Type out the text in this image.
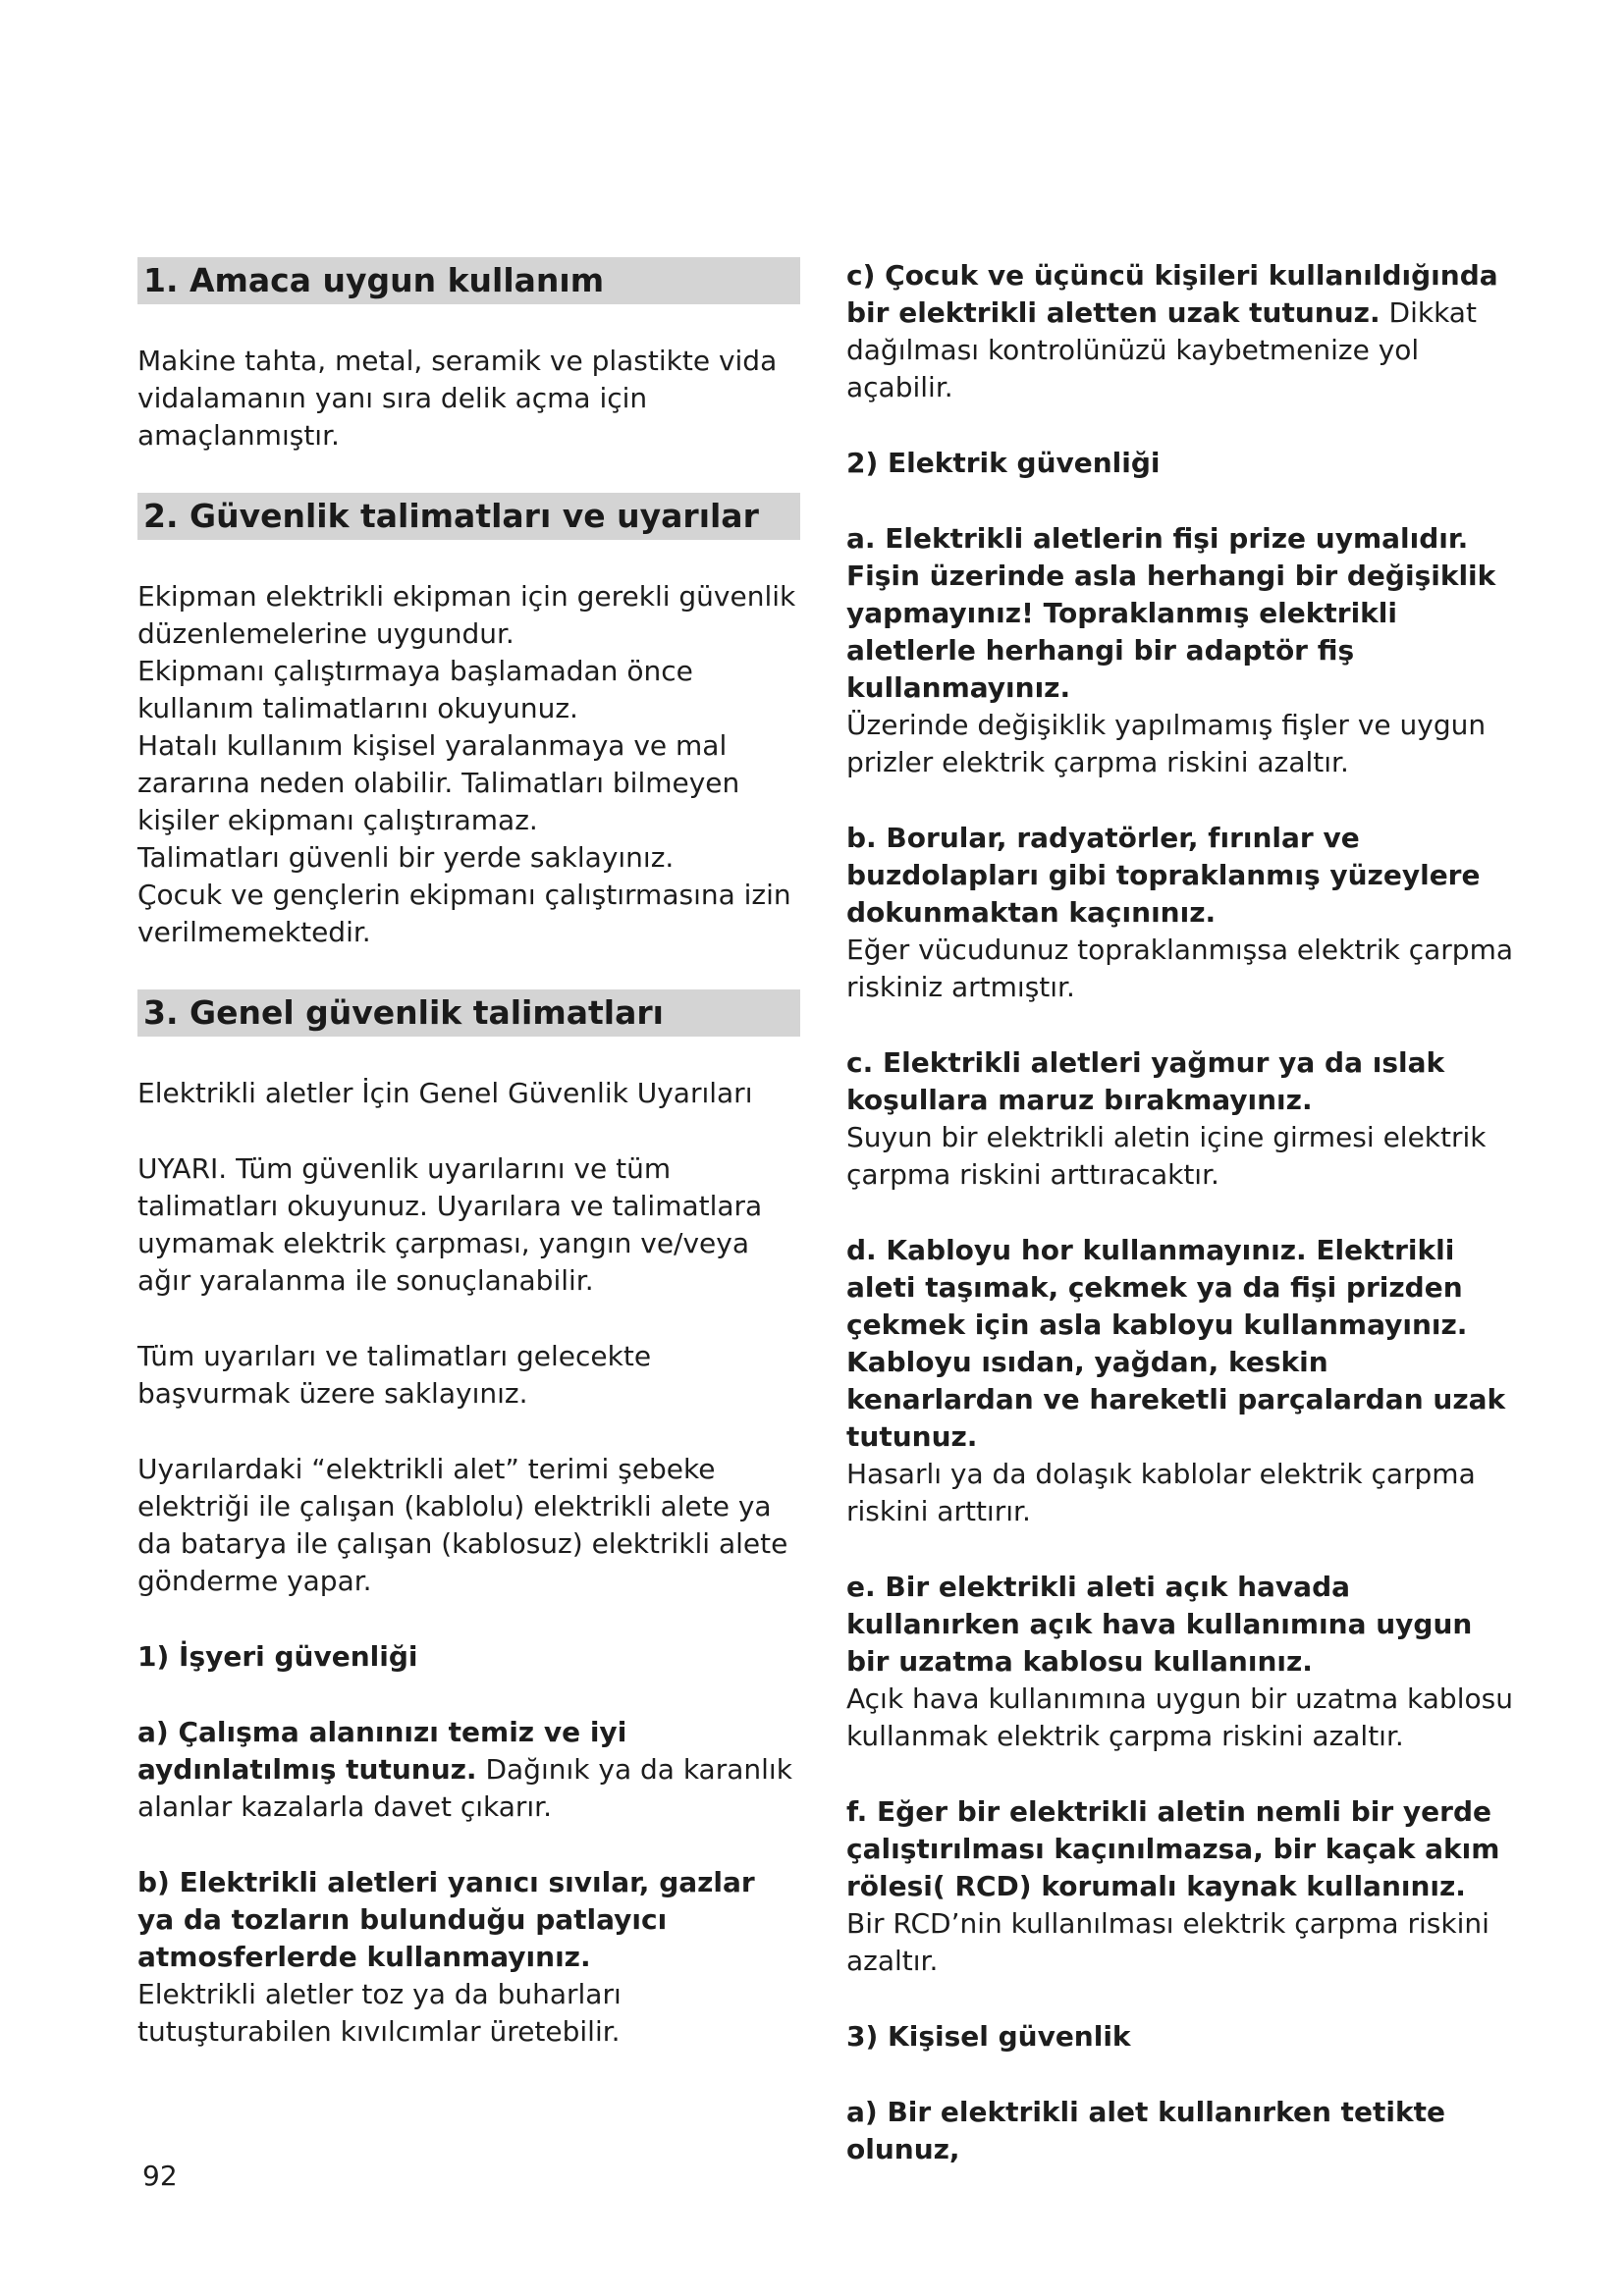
1. Amaca uygun kullanım

Makine tahta, metal, seramik ve plastikte vida vidalamanın yanı sıra delik açma için amaçlanmıştır.

2. Güvenlik talimatları ve uyarılar

Ekipman elektrikli ekipman için gerekli güvenlik düzenlemelerine uygundur.

Ekipmanı çalıştırmaya başlamadan önce kullanım talimatlarını okuyunuz.

Hatalı kullanım kişisel yaralanmaya ve mal zararına neden olabilir. Talimatları bilmeyen kişiler ekipmanı çalıştıramaz.

Talimatları güvenli bir yerde saklayınız.

Çocuk ve gençlerin ekipmanı çalıştırmasına izin verilmemektedir.

3. Genel güvenlik talimatları

Elektrikli aletler İçin Genel Güvenlik Uyarıları

UYARI. Tüm güvenlik uyarılarını ve tüm talimatları okuyunuz. Uyarılara ve talimatlara uymamak elektrik çarpması, yangın ve/veya ağır yaralanma ile sonuçlanabilir.

Tüm uyarıları ve talimatları gelecekte başvurmak üzere saklayınız.

Uyarılardaki “elektrikli alet” terimi şebeke elektriği ile çalışan (kablolu) elektrikli alete ya da batarya ile çalışan (kablosuz) elektrikli alete gönderme yapar.

1) İşyeri güvenliği

a) Çalışma alanınızı temiz ve iyi aydınlatılmış tutunuz. Dağınık ya da karanlık alanlar kazalarla davet çıkarır.

b) Elektrikli aletleri yanıcı sıvılar, gazlar ya da tozların bulunduğu patlayıcı atmosferlerde kullanmayınız.

Elektrikli aletler toz ya da buharları tutuşturabilen kıvılcımlar üretebilir.

c) Çocuk ve üçüncü kişileri kullanıldığında bir elektrikli aletten uzak tutunuz. Dikkat dağılması kontrolünüzü kaybetmenize yol açabilir.

2) Elektrik güvenliği

a. Elektrikli aletlerin fişi prize uymalıdır. Fişin üzerinde asla herhangi bir değişiklik yapmayınız! Topraklanmış elektrikli aletlerle herhangi bir adaptör fiş kullanmayınız.

Üzerinde değişiklik yapılmamış fişler ve uygun prizler elektrik çarpma riskini azaltır.

b. Borular, radyatörler, fırınlar ve buzdolapları gibi topraklanmış yüzeylere dokunmaktan kaçınınız.

Eğer vücudunuz topraklanmışsa elektrik çarpma riskiniz artmıştır.

c. Elektrikli aletleri yağmur ya da ıslak koşullara maruz bırakmayınız.

Suyun bir elektrikli aletin içine girmesi elektrik çarpma riskini arttıracaktır.

d. Kabloyu hor kullanmayınız. Elektrikli aleti taşımak, çekmek ya da fişi prizden çekmek için asla kabloyu kullanmayınız. Kabloyu ısıdan, yağdan, keskin kenarlardan ve hareketli parçalardan uzak tutunuz.

Hasarlı ya da dolaşık kablolar elektrik çarpma riskini arttırır.

e. Bir elektrikli aleti açık havada kullanırken açık hava kullanımına uygun bir uzatma kablosu kullanınız.

Açık hava kullanımına uygun bir uzatma kablosu kullanmak elektrik çarpma riskini azaltır.

f. Eğer bir elektrikli aletin nemli bir yerde çalıştırılması kaçınılmazsa, bir kaçak akım rölesi( RCD) korumalı kaynak kullanınız.

Bir RCD’nin kullanılması elektrik çarpma riskini azaltır.

3) Kişisel güvenlik

a) Bir elektrikli alet kullanırken tetikte olunuz,

92
